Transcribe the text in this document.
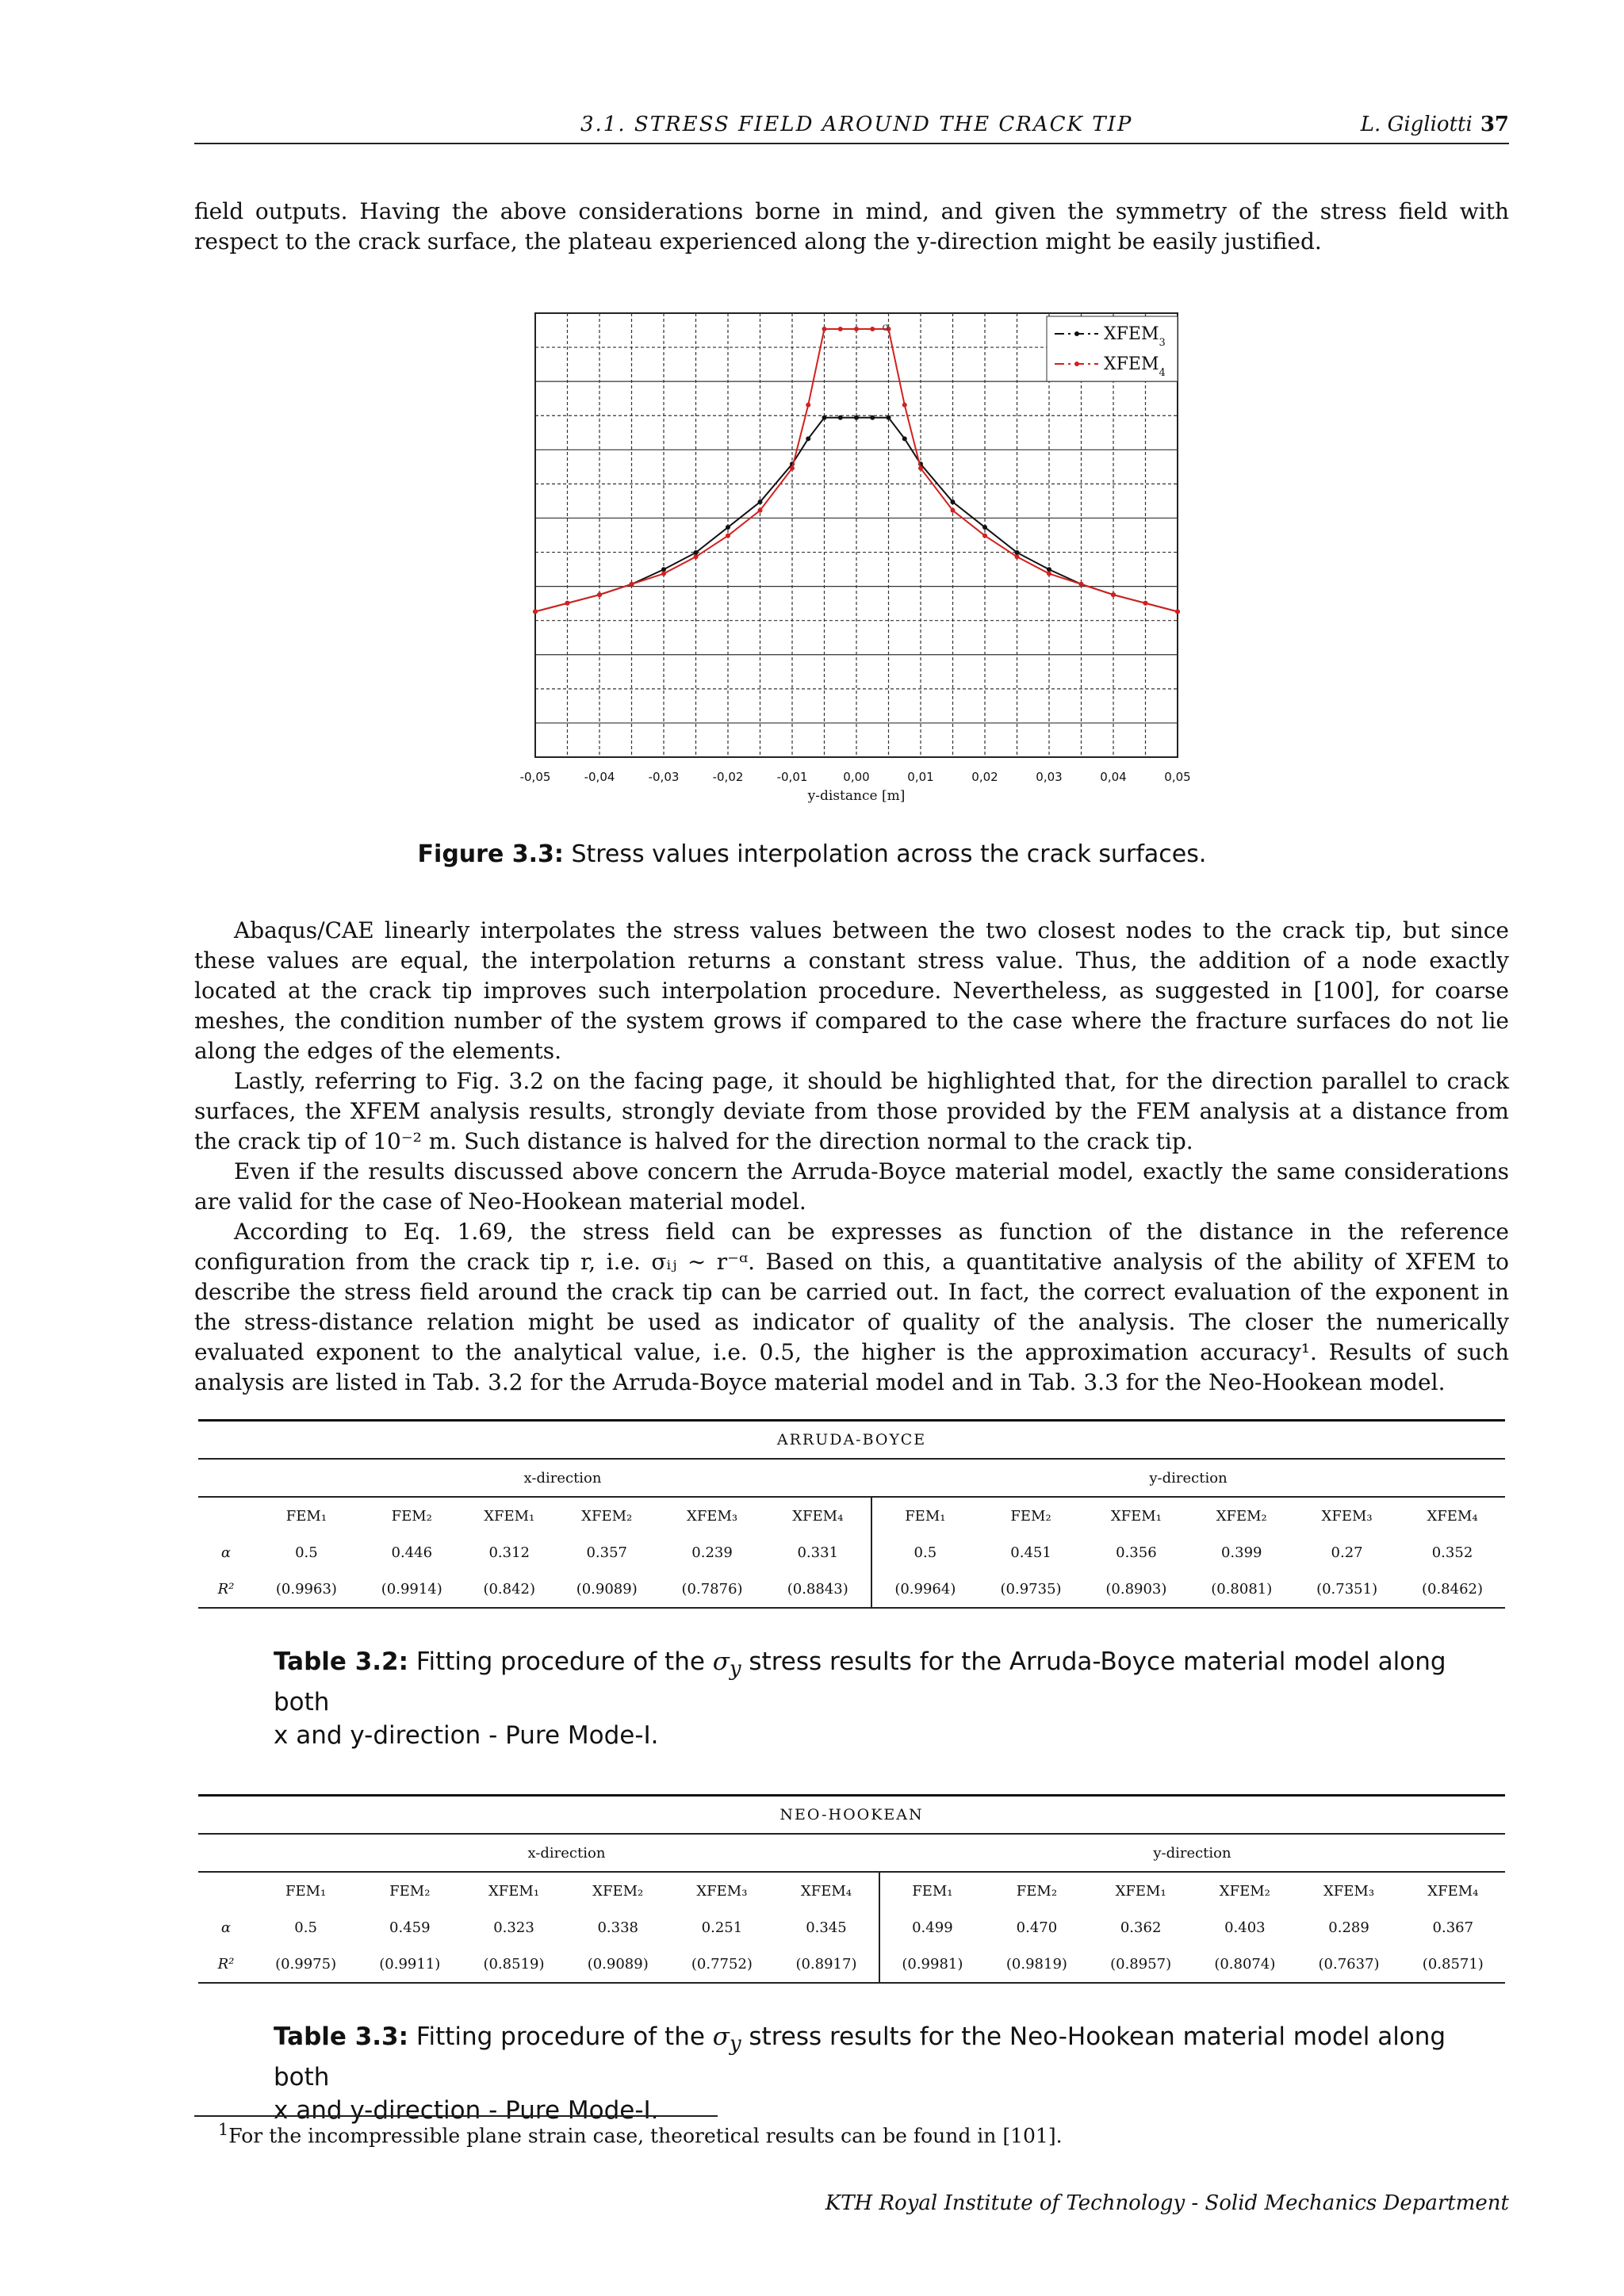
3.1. STRESS FIELD AROUND THE CRACK TIP	L. Gigliotti 37

field outputs. Having the above considerations borne in mind, and given the symmetry of the stress field with respect to the crack surface, the plateau experienced along the y-direction might be easily justified.

-0,05	-0,04	-0,03	-0,02	-0,01	0,00	0,01	0,02	0,03	0,04	0,05
y-distance [m]
σ	$XFEM_3$
$XFEM_4$
Figure 3.3: Stress values interpolation across the crack surfaces.

Abaqus/CAE linearly interpolates the stress values between the two closest nodes to the crack tip, but since these values are equal, the interpolation returns a constant stress value. Thus, the addition of a node exactly located at the crack tip improves such interpolation procedure. Nevertheless, as suggested in [100], for coarse meshes, the condition number of the system grows if compared to the case where the fracture surfaces do not lie along the edges of the elements.

Lastly, referring to Fig. 3.2 on the facing page, it should be highlighted that, for the direction parallel to crack surfaces, the XFEM analysis results, strongly deviate from those provided by the FEM analysis at a distance from the crack tip of 10⁻² m. Such distance is halved for the direction normal to the crack tip.

Even if the results discussed above concern the Arruda-Boyce material model, exactly the same considerations are valid for the case of Neo-Hookean material model.

According to Eq. 1.69, the stress field can be expresses as function of the distance in the reference configuration from the crack tip r, i.e. σᵢⱼ ∼ r⁻ᵅ. Based on this, a quantitative analysis of the ability of XFEM to describe the stress field around the crack tip can be carried out. In fact, the correct evaluation of the exponent in the stress-distance relation might be used as indicator of quality of the analysis. The closer the numerically evaluated exponent to the analytical value, i.e. 0.5, the higher is the approximation accuracy¹. Results of such analysis are listed in Tab. 3.2 for the Arruda-Boyce material model and in Tab. 3.3 for the Neo-Hookean model.

ARRUDA-BOYCE												
	x-direction						y-direction					
	FEM₁	FEM₂	XFEM₁	XFEM₂	XFEM₃	XFEM₄	FEM₁	FEM₂	XFEM₁	XFEM₂	XFEM₃	XFEM₄
α	0.5	0.446	0.312	0.357	0.239	0.331	0.5	0.451	0.356	0.399	0.27	0.352
R²	(0.9963)	(0.9914)	(0.842)	(0.9089)	(0.7876)	(0.8843)	(0.9964)	(0.9735)	(0.8903)	(0.8081)	(0.7351)	(0.8462)
Table 3.2: Fitting procedure of the $\sigma_y$ stress results for the Arruda-Boyce material model along both
x and y-direction - Pure Mode-I.
NEO-HOOKEAN												
	x-direction						y-direction					
	FEM₁	FEM₂	XFEM₁	XFEM₂	XFEM₃	XFEM₄	FEM₁	FEM₂	XFEM₁	XFEM₂	XFEM₃	XFEM₄
α	0.5	0.459	0.323	0.338	0.251	0.345	0.499	0.470	0.362	0.403	0.289	0.367
R²	(0.9975)	(0.9911)	(0.8519)	(0.9089)	(0.7752)	(0.8917)	(0.9981)	(0.9819)	(0.8957)	(0.8074)	(0.7637)	(0.8571)
Table 3.3: Fitting procedure of the $\sigma_y$ stress results for the Neo-Hookean material model along both
x and y-direction - Pure Mode-I.
$^1$For the incompressible plane strain case, theoretical results can be found in [101].
KTH Royal Institute of Technology - Solid Mechanics Department
